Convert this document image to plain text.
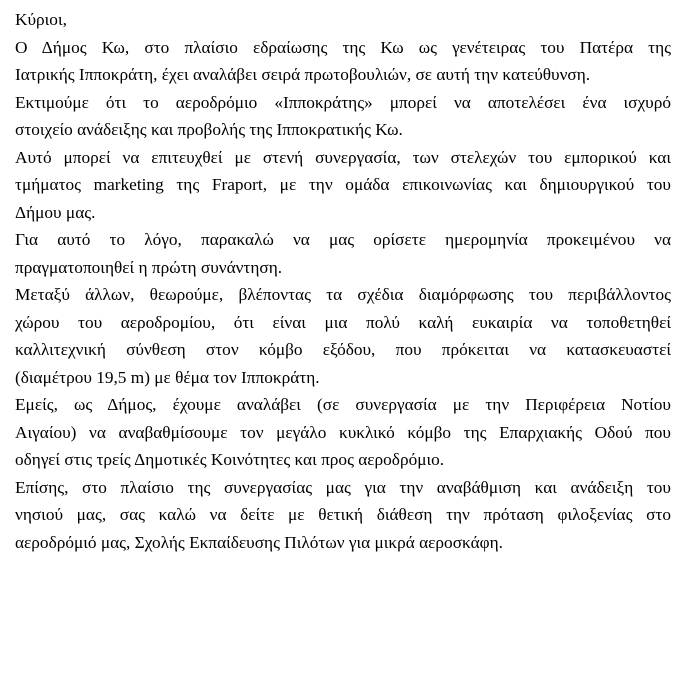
Κύριοι,

Ο Δήμος Κω, στο πλαίσιο εδραίωσης της Κω ως γενέτειρας του Πατέρα της
Ιατρικής Ιπποκράτη, έχει αναλάβει σειρά πρωτοβουλιών, σε αυτή την κατεύθυνση.

Εκτιμούμε ότι το αεροδρόμιο «Ιπποκράτης» μπορεί να αποτελέσει ένα ισχυρό
στοιχείο ανάδειξης και προβολής της Ιπποκρατικής Κω.

Αυτό μπορεί να επιτευχθεί με στενή συνεργασία, των στελεχών του εμπορικού και
τμήματος marketing της Fraport, με την ομάδα επικοινωνίας και δημιουργικού του
Δήμου μας.

Για αυτό το λόγο, παρακαλώ να μας ορίσετε ημερομηνία προκειμένου να
πραγματοποιηθεί η πρώτη συνάντηση.

Μεταξύ άλλων, θεωρούμε, βλέποντας τα σχέδια διαμόρφωσης του περιβάλλοντος
χώρου του αεροδρομίου, ότι είναι μια πολύ καλή ευκαιρία να τοποθετηθεί
καλλιτεχνική σύνθεση στον κόμβο εξόδου, που πρόκειται να κατασκευαστεί
(διαμέτρου 19,5 m) με θέμα τον Ιπποκράτη.

Εμείς, ως Δήμος, έχουμε αναλάβει (σε συνεργασία με την Περιφέρεια Νοτίου
Αιγαίου) να αναβαθμίσουμε τον μεγάλο κυκλικό κόμβο της Επαρχιακής Οδού που
οδηγεί στις τρείς Δημοτικές Κοινότητες και προς αεροδρόμιο.

Επίσης, στο πλαίσιο της συνεργασίας μας για την αναβάθμιση και ανάδειξη του
νησιού μας, σας καλώ να δείτε με θετική διάθεση την πρόταση φιλοξενίας στο
αεροδρόμιό μας, Σχολής Εκπαίδευσης Πιλότων για μικρά αεροσκάφη.
